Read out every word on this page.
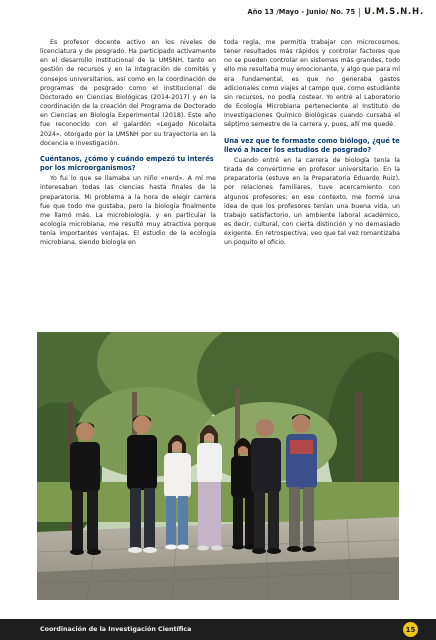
Año 13 /Mayo - Junio/ No. 75 U.M.S.N.H.

Es profesor docente activo en los niveles de licenciatura y de posgrado. Ha participado activamente en el desarrollo institucional de la UMSNH, tanto en gestión de recursos y en la integración de comités y consejos universitarios, así como en la coordinación de programas de posgrado como el Institucional de Doctorado en Ciencias Biológicas (2014-2017) y en la coordinación de la creación del Programa de Doctorado en Ciencias en Biología Experimental (2018). Este año fue reconocido con el galardón «Legado Nicolaita 2024», otorgado por la UMSNH por su trayectoria en la docencia e investigación.

Cuéntanos, ¿cómo y cuándo empezó tu interés por los microorganismos?

Yo fui lo que se llamaba un niño «nerd». A mí me interesaban todas las ciencias hasta finales de la preparatoria. Mi problema a la hora de elegir carrera fue que todo me gustaba, pero la biología finalmente me llamó más. La microbiología, y en particular la ecología microbiana, me resultó muy atractiva porque tenía importantes ventajas. El estudio de la ecología microbiana, siendo biología en

toda regla, me permitía trabajar con microcosmos, tener resultados más rápidos y controlar factores que no se pueden controlar en sistemas más grandes, todo ello me resultaba muy emocionante, y algo que para mí era fundamental, es que no generaba gastos adicionales como viajes al campo que, como estudiante sin recursos, no podía costear. Yo entré al Laboratorio de Ecología Microbiana perteneciente al Instituto de Investigaciones Químico Biológicas cuando cursaba el séptimo semestre de la carrera y, pues, allí me quedé.

Una vez que te formaste como biólogo, ¿qué te llevó a hacer los estudios de posgrado?

Cuando entré en la carrera de biología tenía la tirada de convertirme en profesor universitario. En la preparatoria (estuve en la Preparatoria Eduardo Ruiz), por relaciones familiares, tuve acercamiento con algunos profesores; en ese contexto, me formé una idea de que los profesores tenían una buena vida, un trabajo satisfactorio, un ambiente laboral académico, es decir, cultural, con cierta distinción y no demasiado exigente. En retrospectiva, veo que tal vez romantizaba un poquito el oficio.

Coordinación de la Investigación Científica	15
